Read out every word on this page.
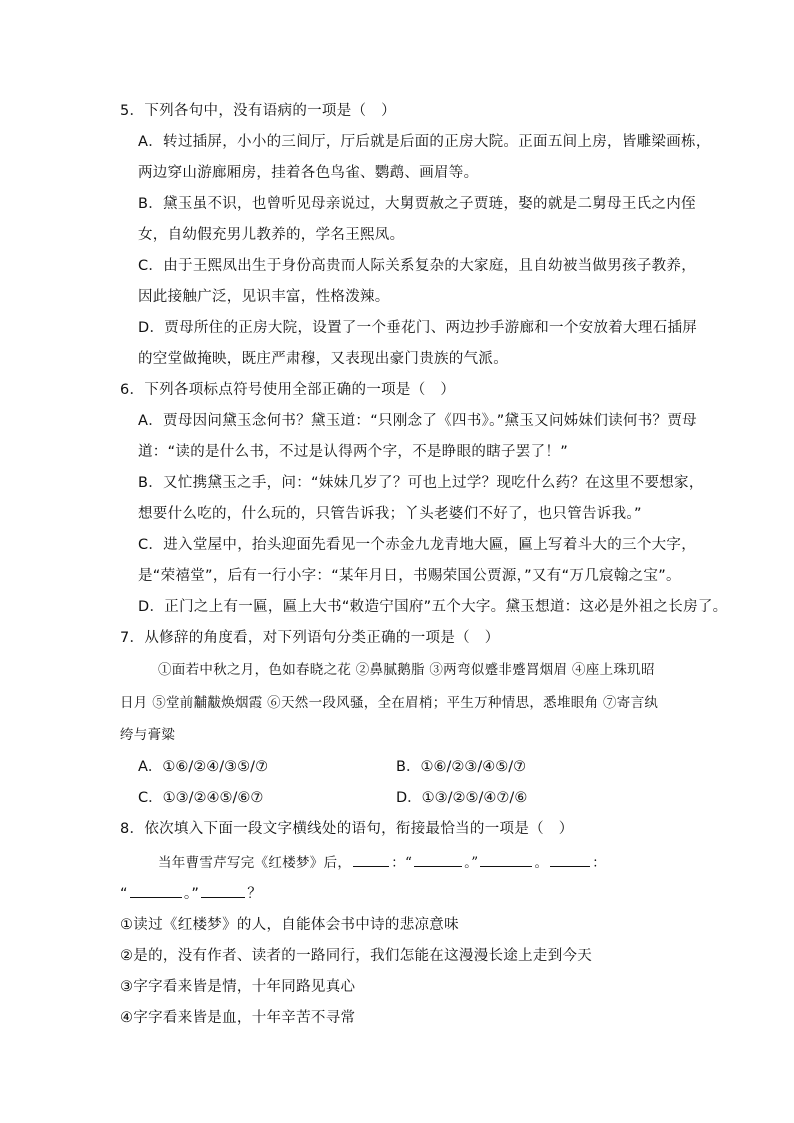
5．下列各句中，没有语病的一项是（　）
A．转过插屏，小小的三间厅，厅后就是后面的正房大院。正面五间上房，皆雕梁画栋，
两边穿山游廊厢房，挂着各色鸟雀、鹦鹉、画眉等。
B．黛玉虽不识，也曾听见母亲说过，大舅贾赦之子贾琏，娶的就是二舅母王氏之内侄
女，自幼假充男儿教养的，学名王熙凤。
C．由于王熙凤出生于身份高贵而人际关系复杂的大家庭，且自幼被当做男孩子教养，
因此接触广泛，见识丰富，性格泼辣。
D．贾母所住的正房大院，设置了一个垂花门、两边抄手游廊和一个安放着大理石插屏
的空堂做掩映，既庄严肃穆，又表现出豪门贵族的气派。
6．下列各项标点符号使用全部正确的一项是（　）
A．贾母因问黛玉念何书？黛玉道：“只刚念了《四书》。”黛玉又问姊妹们读何书？贾母
道：“读的是什么书，不过是认得两个字，不是睁眼的瞎子罢了！”
B．又忙携黛玉之手，问：“妹妹几岁了？可也上过学？现吃什么药？在这里不要想家，
想要什么吃的，什么玩的，只管告诉我；丫头老婆们不好了，也只管告诉我。”
C．进入堂屋中，抬头迎面先看见一个赤金九龙青地大匾，匾上写着斗大的三个大字，
是“荣禧堂”，后有一行小字：“某年月日，书赐荣国公贾源，”又有“万几宸翰之宝”。
D．正门之上有一匾，匾上大书“敕造宁国府”五个大字。黛玉想道：这必是外祖之长房了。
7．从修辞的角度看，对下列语句分类正确的一项是（　）
①面若中秋之月，色如春晓之花 ②鼻腻鹅脂 ③两弯似蹙非蹙罥烟眉 ④座上珠玑昭
日月 ⑤堂前黼黻焕烟霞 ⑥天然一段风骚，全在眉梢；平生万种情思，悉堆眼角 ⑦寄言纨
绔与膏粱
A．①⑥/②④/③⑤/⑦	B．①⑥/②③/④⑤/⑦
C．①③/②④⑤/⑥⑦	D．①③/②⑤/④⑦/⑥
8．依次填入下面一段文字横线处的语句，衔接最恰当的一项是（　）
当年曹雪芹写完《红楼梦》后，	：“	。”	。	：
“	。”	？
①读过《红楼梦》的人，自能体会书中诗的悲凉意味
②是的，没有作者、读者的一路同行，我们怎能在这漫漫长途上走到今天
③字字看来皆是情，十年同路见真心
④字字看来皆是血，十年辛苦不寻常
